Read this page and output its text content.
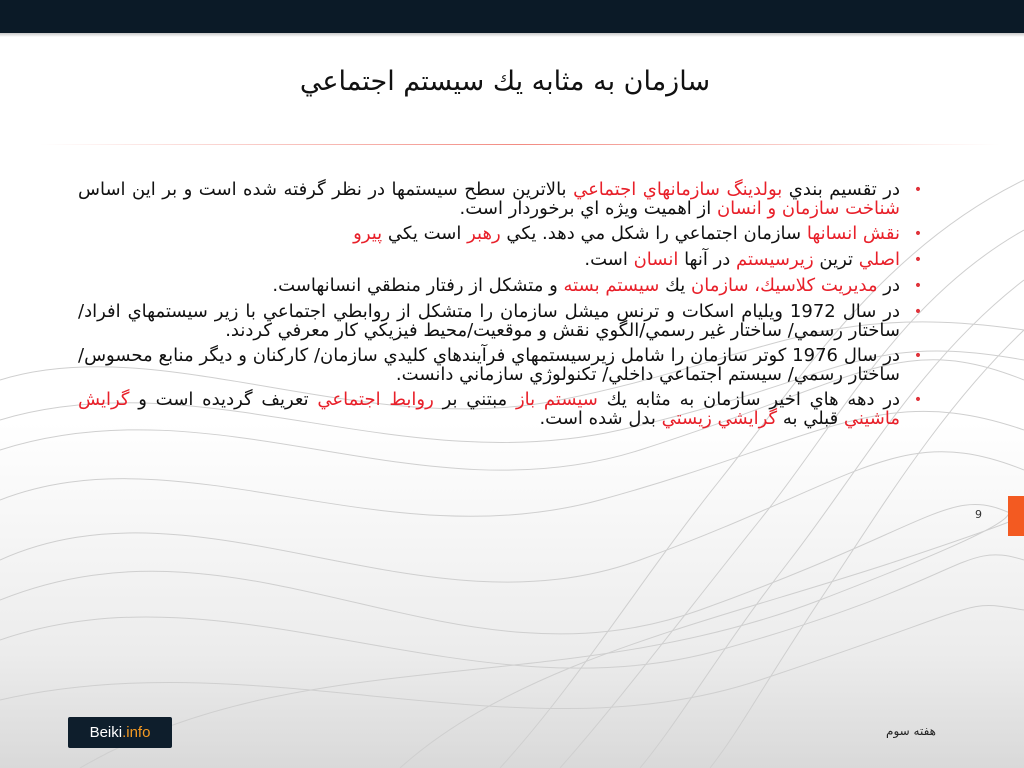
سازمان به مثابه يك سيستم اجتماعي
•
در تقسيم بندي بولدينگ سازمانهاي اجتماعي بالاترين سطح سيستمها در نظر گرفته شده است و بر اين اساس شناخت سازمان و انسان از اهميت ويژه اي برخوردار است.
•
نقش انسانها سازمان اجتماعي را شكل مي دهد. يكي رهبر است يكي پيرو
•
اصلي ترين زيرسيستم در آنها انسان است.
•
در مديريت كلاسيك، سازمان يك سيستم بسته و متشكل از رفتار منطقي انسانهاست.
•
در سال 1972 ويليام اسكات و ترنس ميشل سازمان را متشكل از روابطي اجتماعي با زير سيستمهاي افراد/ ساختار رسمي/ ساختار غير رسمي/الگوي نقش و موقعيت/محيط فيزيكي كار معرفي كردند.
•
در سال 1976 كوتر سازمان را شامل زيرسيستمهاي فرآيندهاي كليدي سازمان/ كاركنان و ديگر منابع محسوس/ ساختار رسمي/ سيستم اجتماعي داخلي/ تكنولوژي سازماني دانست.
•
در دهه هاي اخير سازمان به مثابه يك سيستم باز مبتني بر روابط اجتماعي تعريف گرديده است و گرايش ماشيني قبلي به گرايشي زيستي بدل شده است.
9
Beiki .info	هفته سوم
